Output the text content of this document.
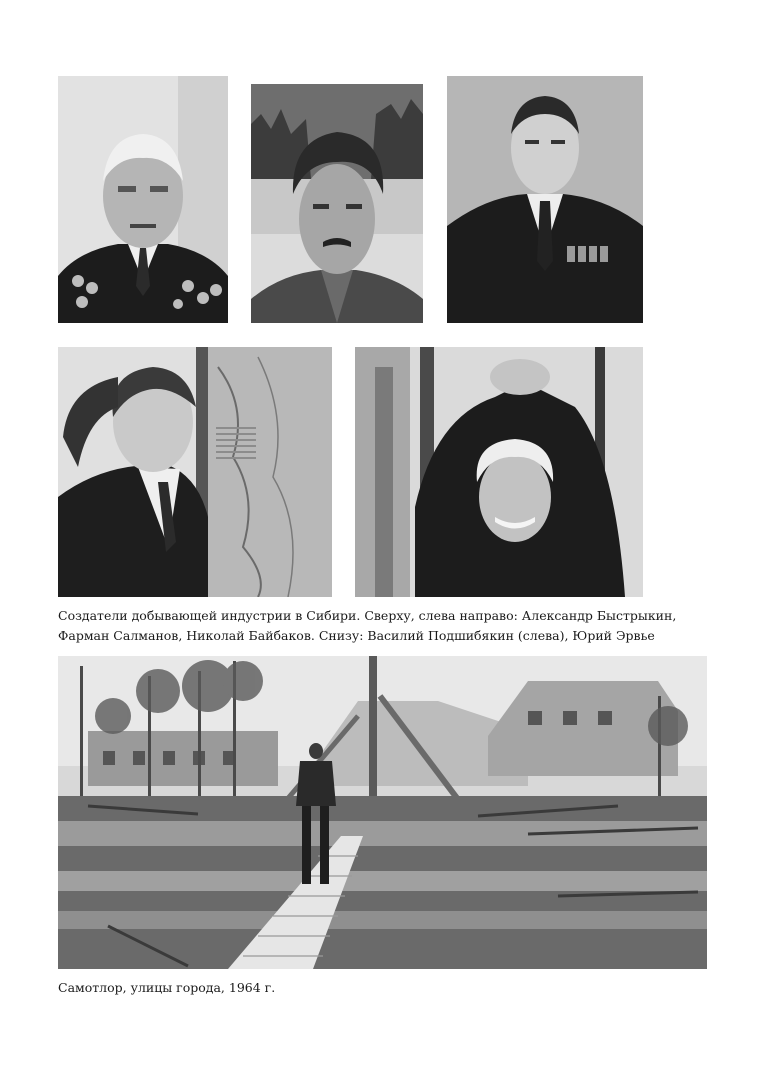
Создатели добывающей индустрии в Сибири. Сверху, слева направо: Александр Быстрыкин,
Фарман Салманов, Николай Байбаков. Снизу: Василий Подшибякин (слева), Юрий Эрвье
Самотлор, улицы города, 1964 г.
